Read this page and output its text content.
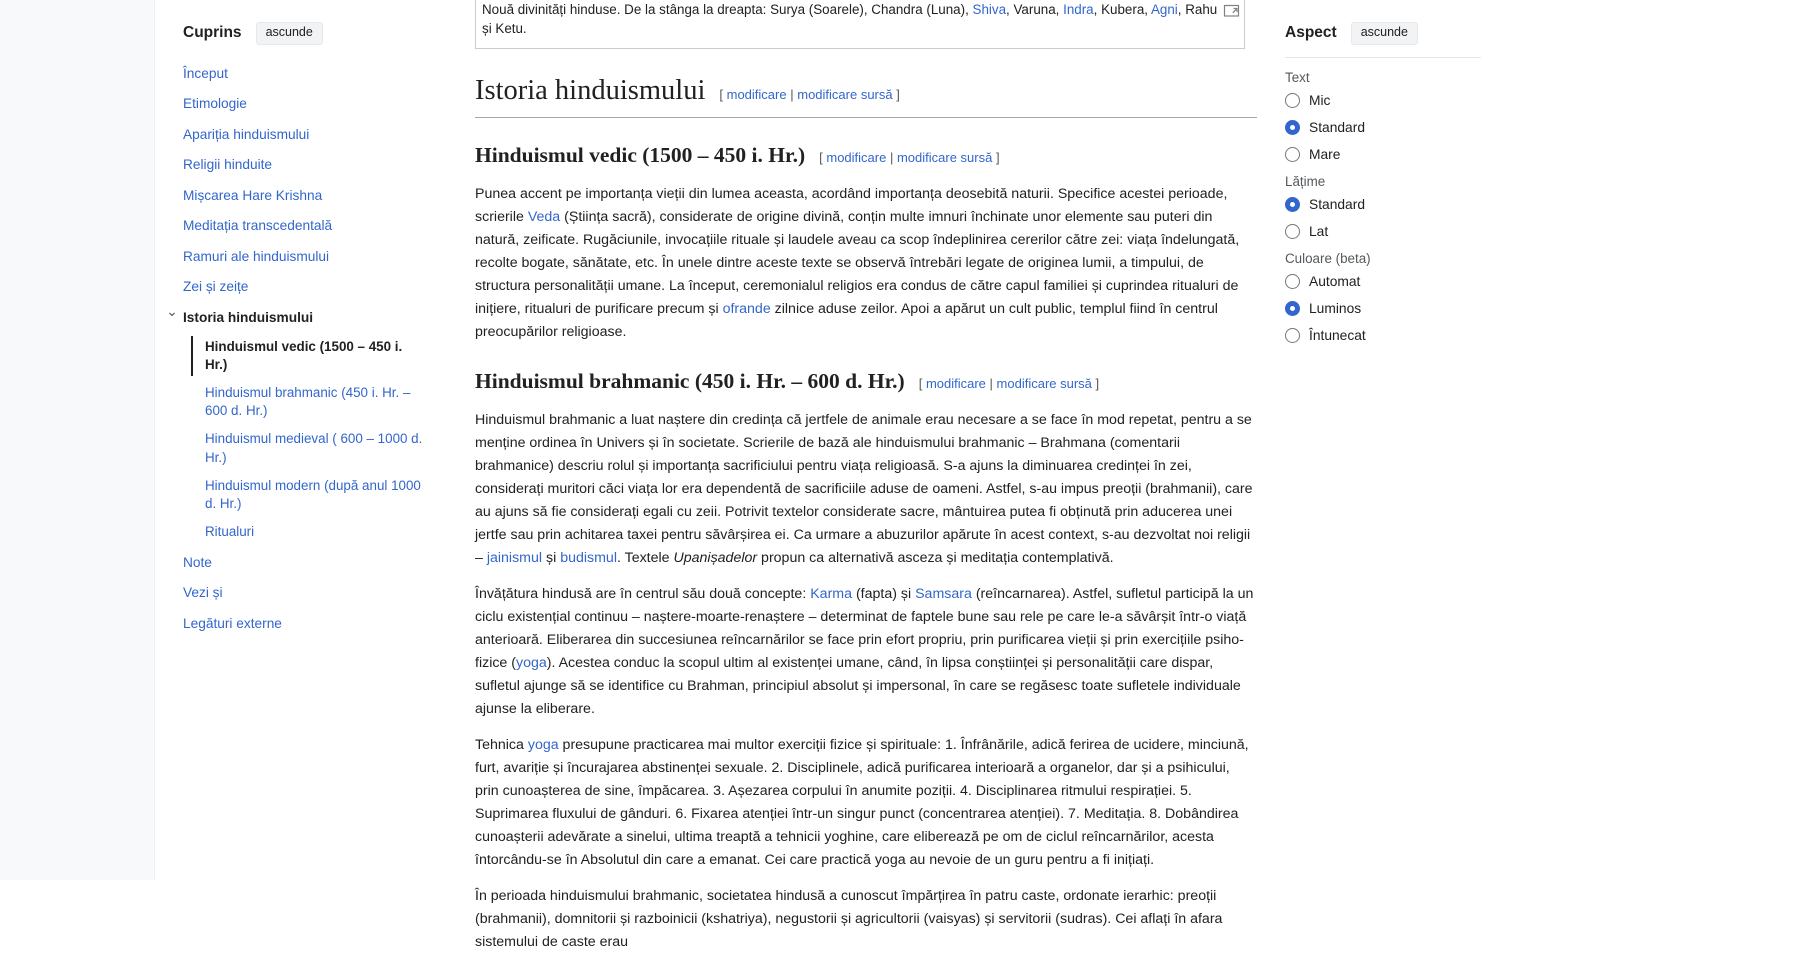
Cuprins	ascunde
Început
Etimologie
Apariția hinduismului
Religii hinduite
Mișcarea Hare Krishna
Meditația transcedentală
Ramuri ale hinduismului
Zei și zeițe
⌄ Istoria hinduismului
Hinduismul vedic (1500 – 450 i. Hr.)
Hinduismul brahmanic (450 i. Hr. – 600 d. Hr.)
Hinduismul medieval ( 600 – 1000 d. Hr.)
Hinduismul modern (după anul 1000 d. Hr.)
Ritualuri
Note
Vezi și
Legături externe
Nouă divinități hinduse. De la stânga la dreapta: Surya (Soarele), Chandra (Luna), Shiva, Varuna, Indra, Kubera, Agni, Rahu și Ketu.
Istoria hinduismului [ modificare | modificare sursă ]
Hinduismul vedic (1500 – 450 i. Hr.) [ modificare | modificare sursă ]

Punea accent pe importanța vieții din lumea aceasta, acordând importanța deosebită naturii. Specifice acestei perioade, scrierile Veda (Știința sacră), considerate de origine divină, conțin multe imnuri închinate unor elemente sau puteri din natură, zeificate. Rugăciunile, invocațiile rituale și laudele aveau ca scop îndeplinirea cererilor către zei: viața îndelungată, recolte bogate, sănătate, etc. În unele dintre aceste texte se observă întrebări legate de originea lumii, a timpului, de structura personalității umane. La început, ceremonialul religios era condus de către capul familiei și cuprindea ritualuri de inițiere, ritualuri de purificare precum și ofrande zilnice aduse zeilor. Apoi a apărut un cult public, templul fiind în centrul preocupărilor religioase.

Hinduismul brahmanic (450 i. Hr. – 600 d. Hr.) [ modificare | modificare sursă ]

Hinduismul brahmanic a luat naștere din credința că jertfele de animale erau necesare a se face în mod repetat, pentru a se menține ordinea în Univers și în societate. Scrierile de bază ale hinduismului brahmanic – Brahmana (comentarii brahmanice) descriu rolul și importanța sacrificiului pentru viața religioasă. S-a ajuns la diminuarea credinței în zei, considerați muritori căci viața lor era dependentă de sacrificiile aduse de oameni. Astfel, s-au impus preoții (brahmanii), care au ajuns să fie considerați egali cu zeii. Potrivit textelor considerate sacre, mântuirea putea fi obținută prin aducerea unei jertfe sau prin achitarea taxei pentru săvârșirea ei. Ca urmare a abuzurilor apărute în acest context, s-au dezvoltat noi religii – jainismul și budismul. Textele Upanișadelor propun ca alternativă asceza și meditația contemplativă.

Învățătura hindusă are în centrul său două concepte: Karma (fapta) și Samsara (reîncarnarea). Astfel, sufletul participă la un ciclu existențial continuu – naștere-moarte-renaștere – determinat de faptele bune sau rele pe care le-a săvârșit într-o viață anterioară. Eliberarea din succesiunea reîncarnărilor se face prin efort propriu, prin purificarea vieții și prin exercițiile psiho-fizice (yoga). Acestea conduc la scopul ultim al existenței umane, când, în lipsa conștiinței și personalității care dispar, sufletul ajunge să se identifice cu Brahman, principiul absolut și impersonal, în care se regăsesc toate sufletele individuale ajunse la eliberare.

Tehnica yoga presupune practicarea mai multor exerciții fizice și spirituale: 1. Înfrânările, adică ferirea de ucidere, minciună, furt, avariție și încurajarea abstinenței sexuale. 2. Disciplinele, adică purificarea interioară a organelor, dar și a psihicului, prin cunoașterea de sine, împăcarea. 3. Așezarea corpului în anumite poziții. 4. Disciplinarea ritmului respirației. 5. Suprimarea fluxului de gânduri. 6. Fixarea atenției într-un singur punct (concentrarea atenției). 7. Meditația. 8. Dobândirea cunoașterii adevărate a sinelui, ultima treaptă a tehnicii yoghine, care eliberează pe om de ciclul reîncarnărilor, acesta întorcându-se în Absolutul din care a emanat. Cei care practică yoga au nevoie de un guru pentru a fi inițiați.

În perioada hinduismului brahmanic, societatea hindusă a cunoscut împărțirea în patru caste, ordonate ierarhic: preoții (brahmanii), domnitorii și razboinicii (kshatriya), negustorii și agricultorii (vaisyas) și servitorii (sudras). Cei aflați în afara sistemului de caste erau

Aspect	ascunde
Text
Mic
Standard
Mare
Lățime
Standard
Lat
Culoare (beta)
Automat
Luminos
Întunecat
